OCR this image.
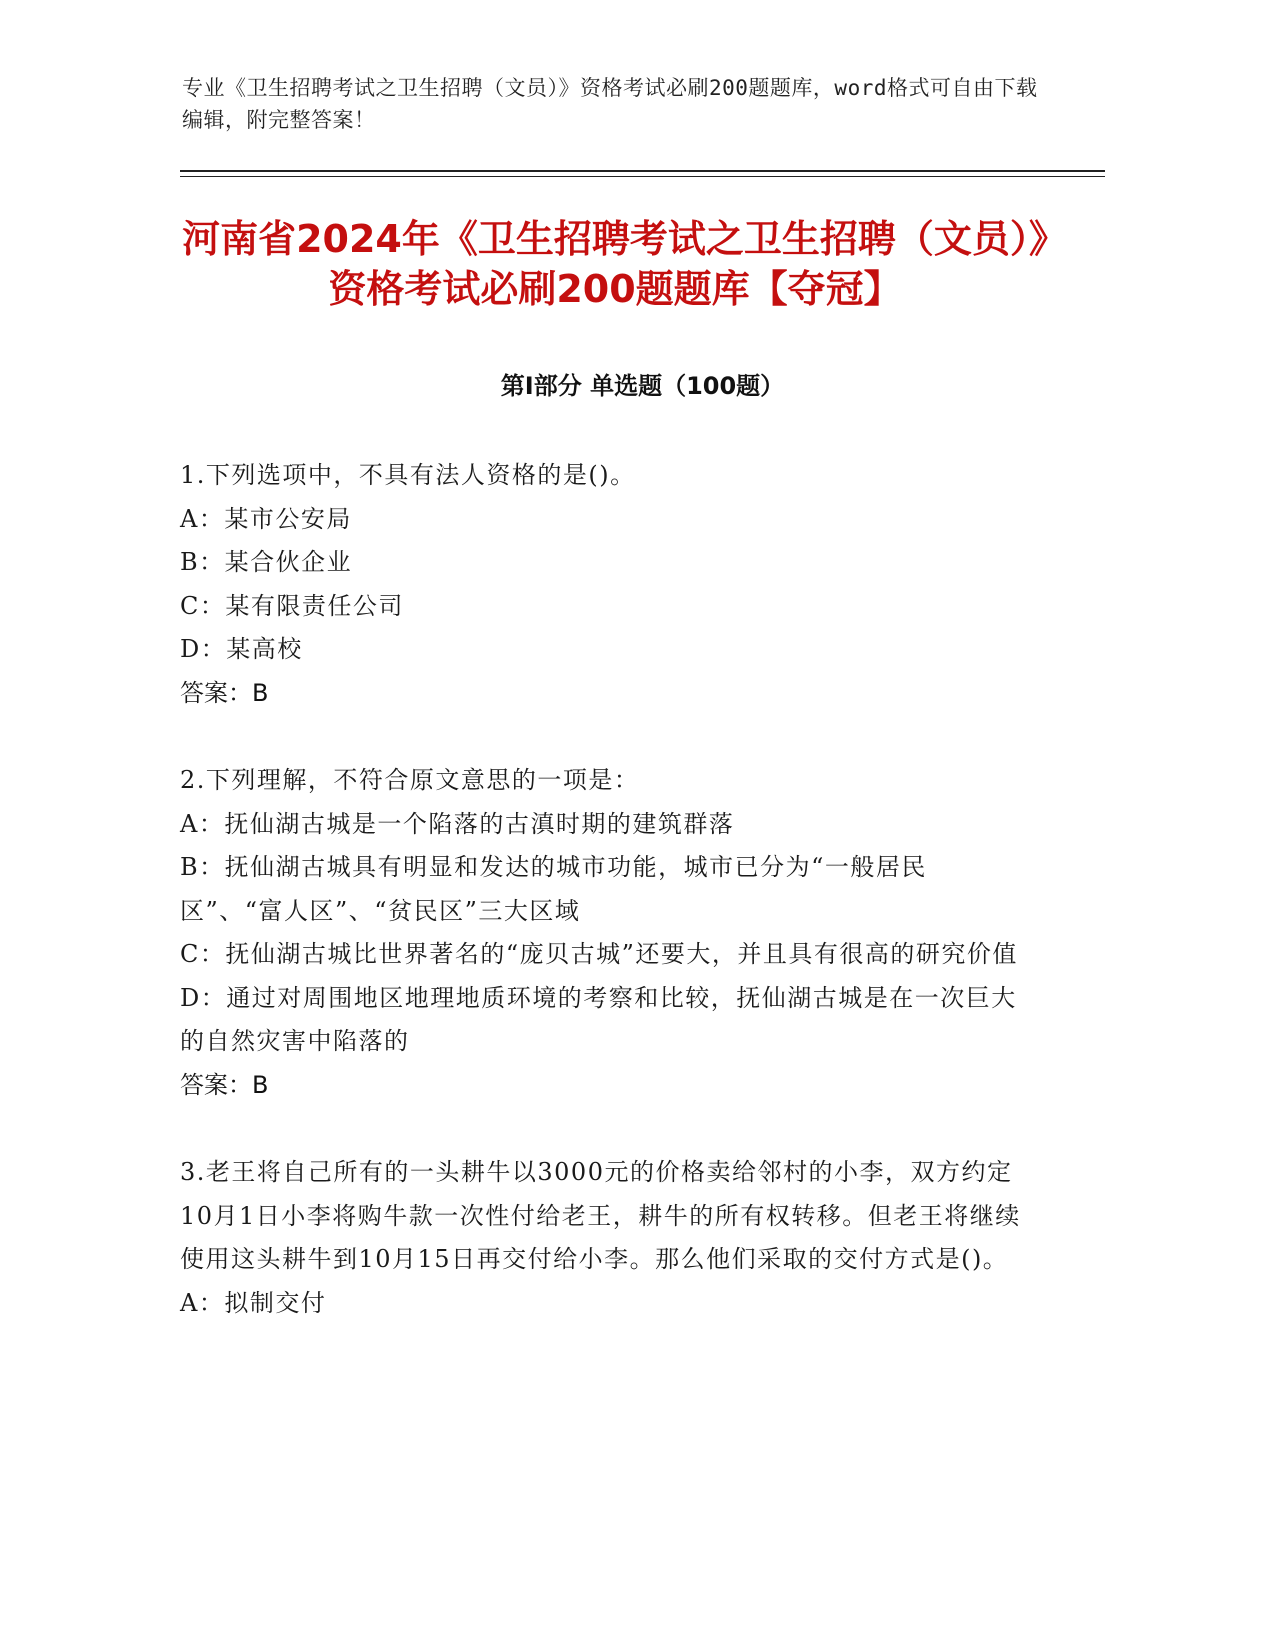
专业《卫生招聘考试之卫生招聘（文员）》资格考试必刷200题题库，word格式可自由下载编辑，附完整答案！
河南省2024年《卫生招聘考试之卫生招聘（文员）》资格考试必刷200题题库【夺冠】
第Ⅰ部分 单选题（100题）
1.下列选项中，不具有法人资格的是()。
A：某市公安局
B：某合伙企业
C：某有限责任公司
D：某高校
答案：B
2.下列理解，不符合原文意思的一项是：
A：抚仙湖古城是一个陷落的古滇时期的建筑群落
B：抚仙湖古城具有明显和发达的城市功能，城市已分为“一般居民区”、“富人区”、“贫民区”三大区域
C：抚仙湖古城比世界著名的“庞贝古城”还要大，并且具有很高的研究价值
D：通过对周围地区地理地质环境的考察和比较，抚仙湖古城是在一次巨大的自然灾害中陷落的
答案：B
3.老王将自己所有的一头耕牛以3000元的价格卖给邻村的小李，双方约定10月1日小李将购牛款一次性付给老王，耕牛的所有权转移。但老王将继续使用这头耕牛到10月15日再交付给小李。那么他们采取的交付方式是()。
A：拟制交付
